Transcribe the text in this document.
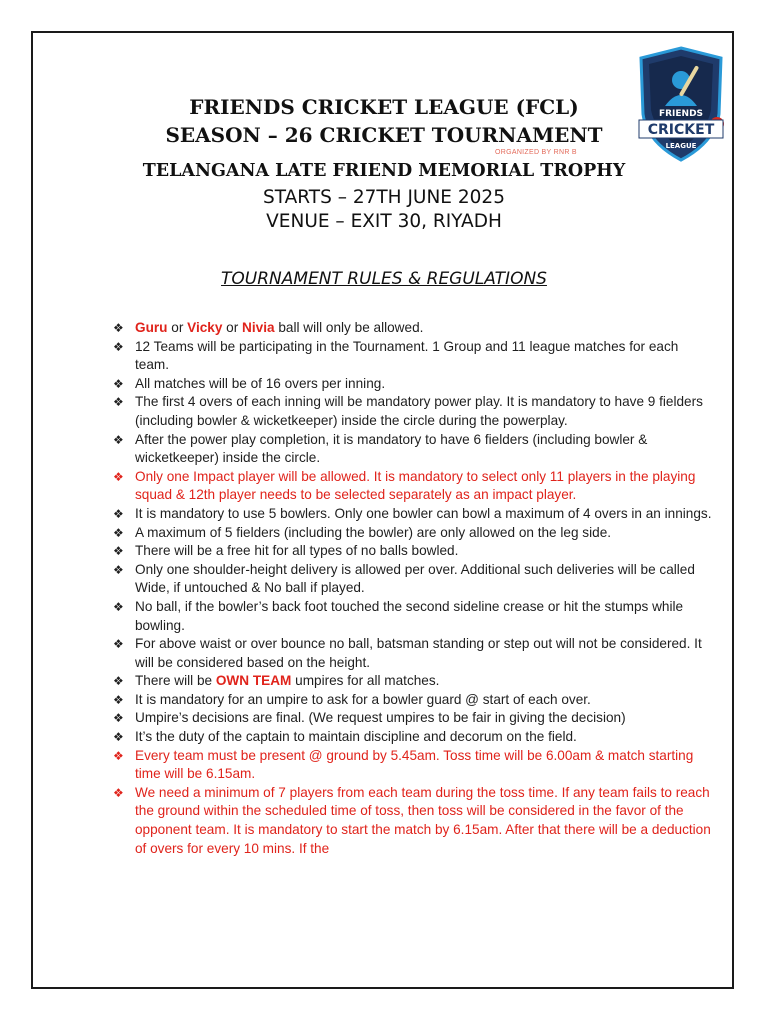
FRIENDS
CRICKET
LEAGUE
ORGANIZED BY RNR B
FRIENDS CRICKET LEAGUE (FCL)
SEASON – 26 CRICKET TOURNAMENT
TELANGANA LATE FRIEND MEMORIAL TROPHY
STARTS – 27TH JUNE 2025
VENUE – EXIT 30, RIYADH
TOURNAMENT RULES & REGULATIONS
❖ Guru or Vicky or Nivia ball will only be allowed.
❖ 12 Teams will be participating in the Tournament. 1 Group and 11 league matches for each team.
❖ All matches will be of 16 overs per inning.
❖ The first 4 overs of each inning will be mandatory power play. It is mandatory to have 9 fielders (including bowler & wicketkeeper) inside the circle during the powerplay.
❖ After the power play completion, it is mandatory to have 6 fielders (including bowler & wicketkeeper) inside the circle.
❖ Only one Impact player will be allowed. It is mandatory to select only 11 players in the playing squad & 12th player needs to be selected separately as an impact player.
❖ It is mandatory to use 5 bowlers. Only one bowler can bowl a maximum of 4 overs in an innings.
❖ A maximum of 5 fielders (including the bowler) are only allowed on the leg side.
❖ There will be a free hit for all types of no balls bowled.
❖ Only one shoulder-height delivery is allowed per over. Additional such deliveries will be called Wide, if untouched & No ball if played.
❖ No ball, if the bowler’s back foot touched the second sideline crease or hit the stumps while bowling.
❖ For above waist or over bounce no ball, batsman standing or step out will not be considered. It will be considered based on the height.
❖ There will be OWN TEAM umpires for all matches.
❖ It is mandatory for an umpire to ask for a bowler guard @ start of each over.
❖ Umpire’s decisions are final. (We request umpires to be fair in giving the decision)
❖ It’s the duty of the captain to maintain discipline and decorum on the field.
❖ Every team must be present @ ground by 5.45am. Toss time will be 6.00am & match starting time will be 6.15am.
❖ We need a minimum of 7 players from each team during the toss time. If any team fails to reach the ground within the scheduled time of toss, then toss will be considered in the favor of the opponent team. It is mandatory to start the match by 6.15am. After that there will be a deduction of overs for every 10 mins. If the
